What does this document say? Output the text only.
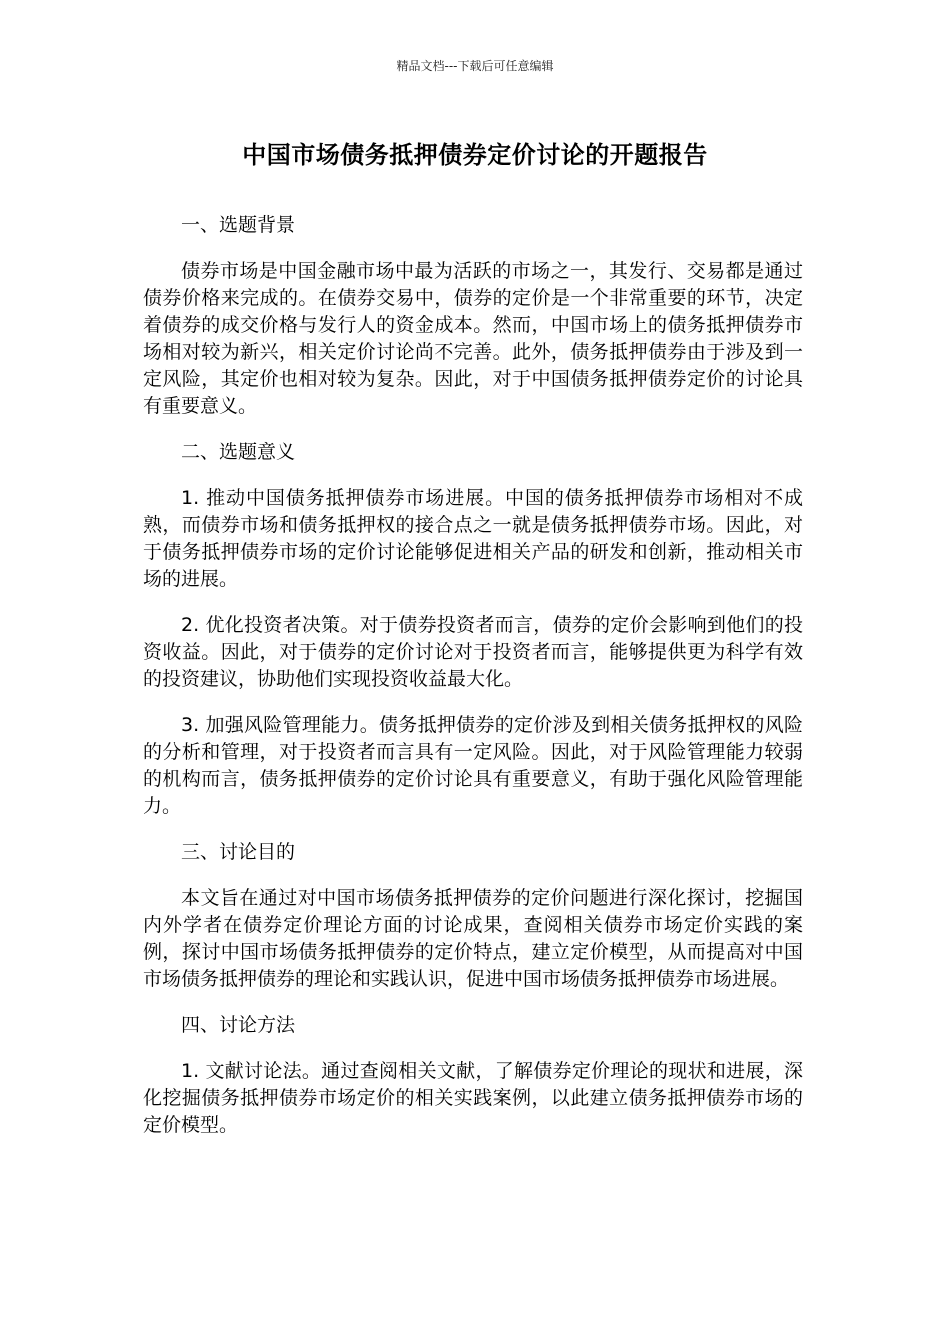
精品文档---下载后可任意编辑
中国市场债务抵押债券定价讨论的开题报告

一、选题背景

债券市场是中国金融市场中最为活跃的市场之一，其发行、交易都是通过债券价格来完成的。在债券交易中，债券的定价是一个非常重要的环节，决定着债券的成交价格与发行人的资金成本。然而，中国市场上的债务抵押债券市场相对较为新兴，相关定价讨论尚不完善。此外，债务抵押债券由于涉及到一定风险，其定价也相对较为复杂。因此，对于中国债务抵押债券定价的讨论具有重要意义。

二、选题意义

1. 推动中国债务抵押债券市场进展。中国的债务抵押债券市场相对不成熟，而债券市场和债务抵押权的接合点之一就是债务抵押债券市场。因此，对于债务抵押债券市场的定价讨论能够促进相关产品的研发和创新，推动相关市场的进展。

2. 优化投资者决策。对于债券投资者而言，债券的定价会影响到他们的投资收益。因此，对于债券的定价讨论对于投资者而言，能够提供更为科学有效的投资建议，协助他们实现投资收益最大化。

3. 加强风险管理能力。债务抵押债券的定价涉及到相关债务抵押权的风险的分析和管理，对于投资者而言具有一定风险。因此，对于风险管理能力较弱的机构而言，债务抵押债券的定价讨论具有重要意义，有助于强化风险管理能力。

三、讨论目的

本文旨在通过对中国市场债务抵押债券的定价问题进行深化探讨，挖掘国内外学者在债券定价理论方面的讨论成果，查阅相关债券市场定价实践的案例，探讨中国市场债务抵押债券的定价特点，建立定价模型，从而提高对中国市场债务抵押债券的理论和实践认识，促进中国市场债务抵押债券市场进展。

四、讨论方法

1. 文献讨论法。通过查阅相关文献，了解债券定价理论的现状和进展，深化挖掘债务抵押债券市场定价的相关实践案例，以此建立债务抵押债券市场的定价模型。
